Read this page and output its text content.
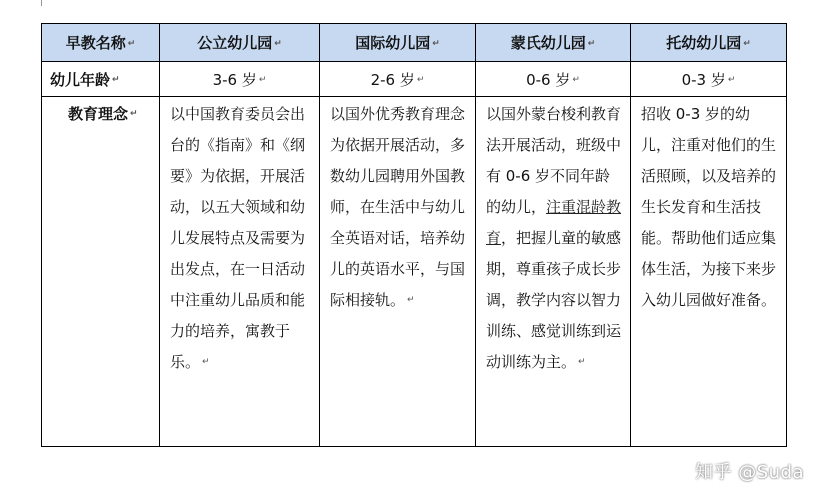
早教名称 ↵	公立幼儿园 ↵	国际幼儿园 ↵	蒙氏幼儿园 ↵	托幼幼儿园 ↵
幼儿年龄 ↵	3-6 岁 ↵	2-6 岁 ↵	0-6 岁 ↵	0-3 岁 ↵
教育理念 ↵	以中国教育委员会出台的《指南》和《纲要》为依据，开展活动，以五大领域和幼儿发展特点及需要为出发点，在一日活动中注重幼儿品质和能力的培养，寓教于乐。 ↵	以国外优秀教育理念为依据开展活动，多数幼儿园聘用外国教师，在生活中与幼儿全英语对话，培养幼儿的英语水平，与国际相接轨。 ↵	以国外蒙台梭利教育法开展活动，班级中有 0-6 岁不同年龄的幼儿，注重混龄教育，把握儿童的敏感期，尊重孩子成长步调，教学内容以智力训练、感觉训练到运动训练为主。 ↵	招收 0-3 岁的幼儿，注重对他们的生活照顾，以及培养的生长发育和生活技能。帮助他们适应集体生活，为接下来步入幼儿园做好准备。
知乎 @Suda
